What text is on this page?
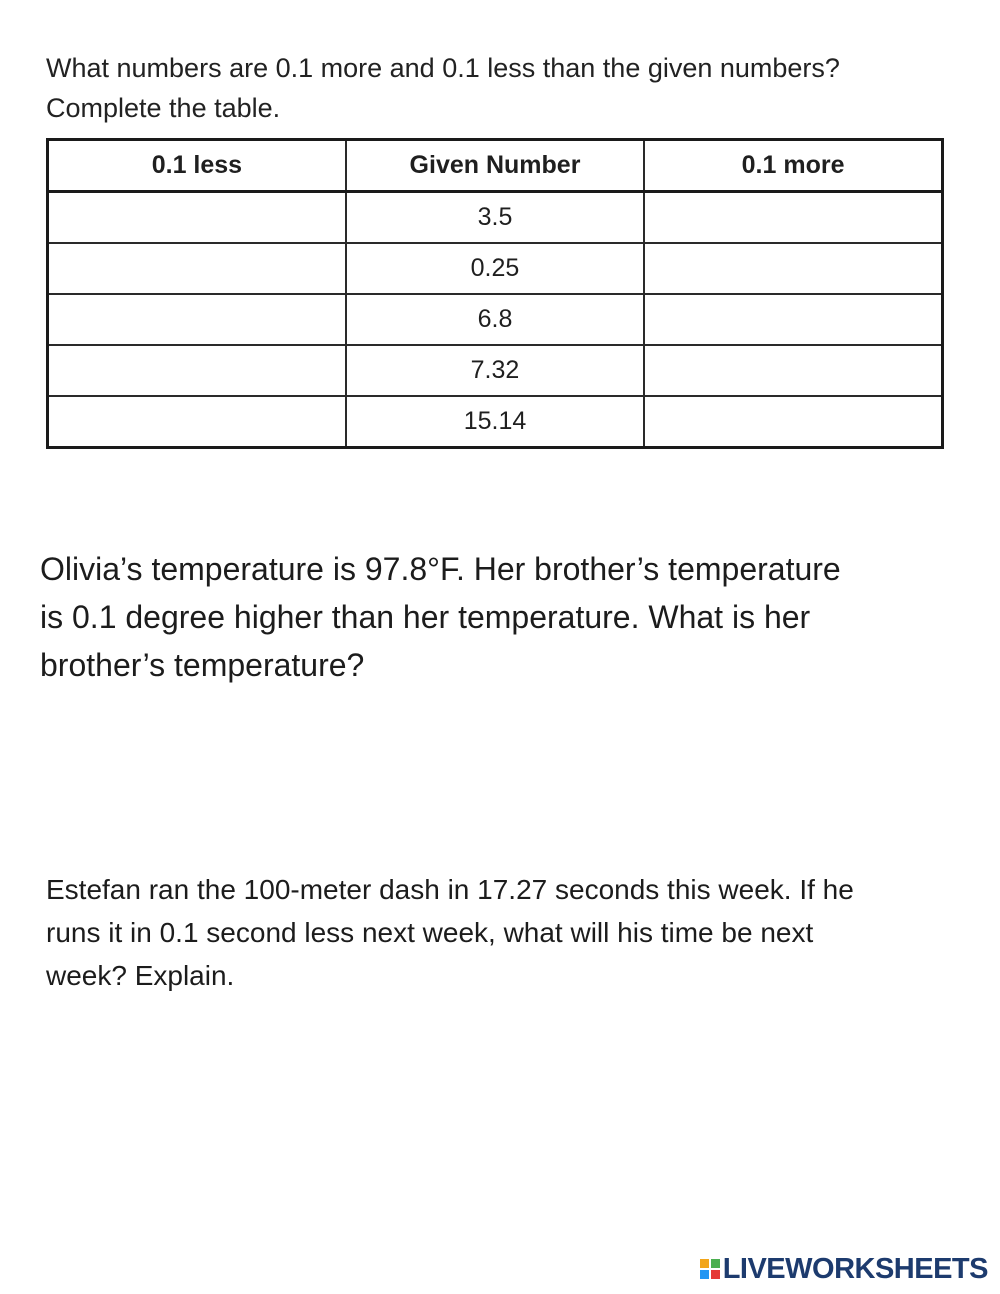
What numbers are 0.1 more and 0.1 less than the given numbers?
Complete the table.
0.1 less	Given Number	0.1 more
	3.5	
	0.25	
	6.8	
	7.32	
	15.14	
Olivia’s temperature is 97.8°F. Her brother’s temperature
is 0.1 degree higher than her temperature. What is her
brother’s temperature?
Estefan ran the 100-meter dash in 17.27 seconds this week. If he
runs it in 0.1 second less next week, what will his time be next
week? Explain.
LIVEWORKSHEETS
